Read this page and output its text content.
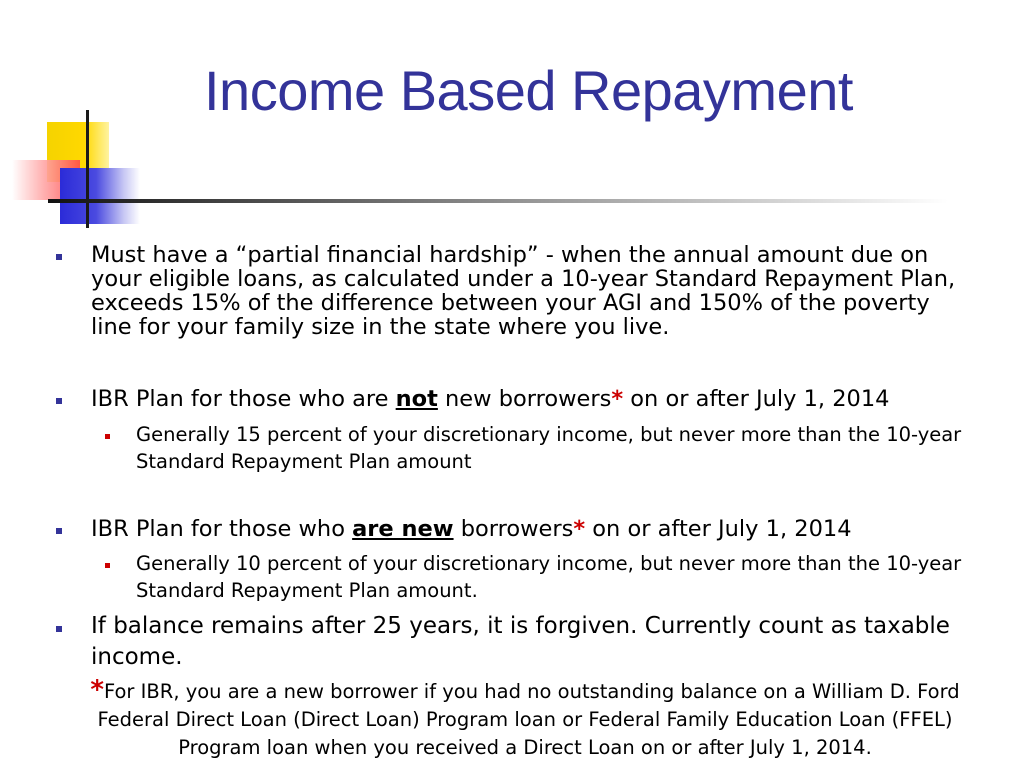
Income Based Repayment
Must have a “partial financial hardship” - when the annual amount due on your eligible loans, as calculated under a 10-year Standard Repayment Plan, exceeds 15% of the difference between your AGI and 150% of the poverty line for your family size in the state where you live.
IBR Plan for those who are not new borrowers* on or after July 1, 2014
Generally 15 percent of your discretionary income, but never more than the 10-year Standard Repayment Plan amount
IBR Plan for those who are new borrowers* on or after July 1, 2014
Generally 10 percent of your discretionary income, but never more than the 10-year Standard Repayment Plan amount.
If balance remains after 25 years, it is forgiven. Currently count as taxable income.
*For IBR, you are a new borrower if you had no outstanding balance on a William D. Ford Federal Direct Loan (Direct Loan) Program loan or Federal Family Education Loan (FFEL) Program loan when you received a Direct Loan on or after July 1, 2014.
